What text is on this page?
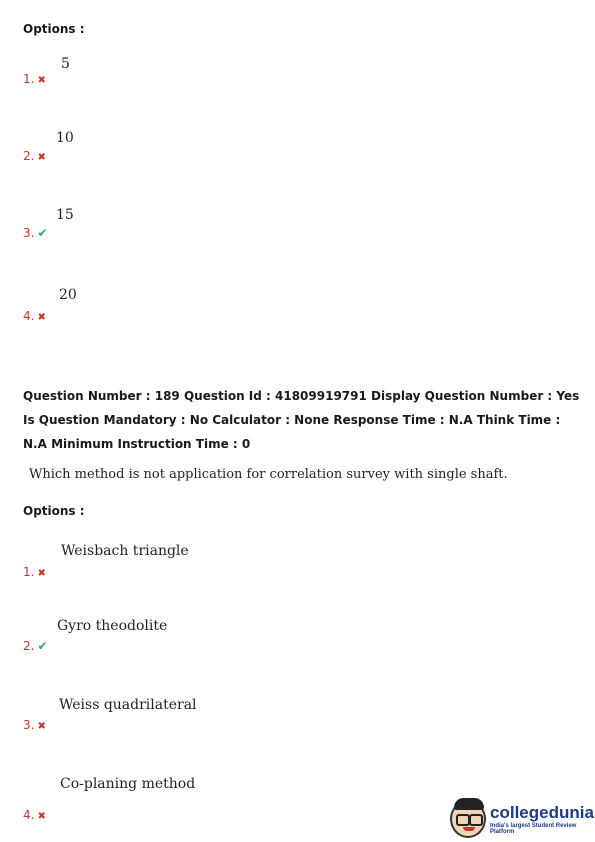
Options :
5
1. ✖
10
2. ✖
15
3. ✔
20
4. ✖
Question Number : 189 Question Id : 41809919791 Display Question Number : Yes Is Question Mandatory : No Calculator : None Response Time : N.A Think Time : N.A Minimum Instruction Time : 0
Which method is not application for correlation survey with single shaft.
Options :
Weisbach triangle
1. ✖
Gyro theodolite
2. ✔
Weiss quadrilateral
3. ✖
Co-planing method
4. ✖	collegedunia
India's largest Student Review Platform
